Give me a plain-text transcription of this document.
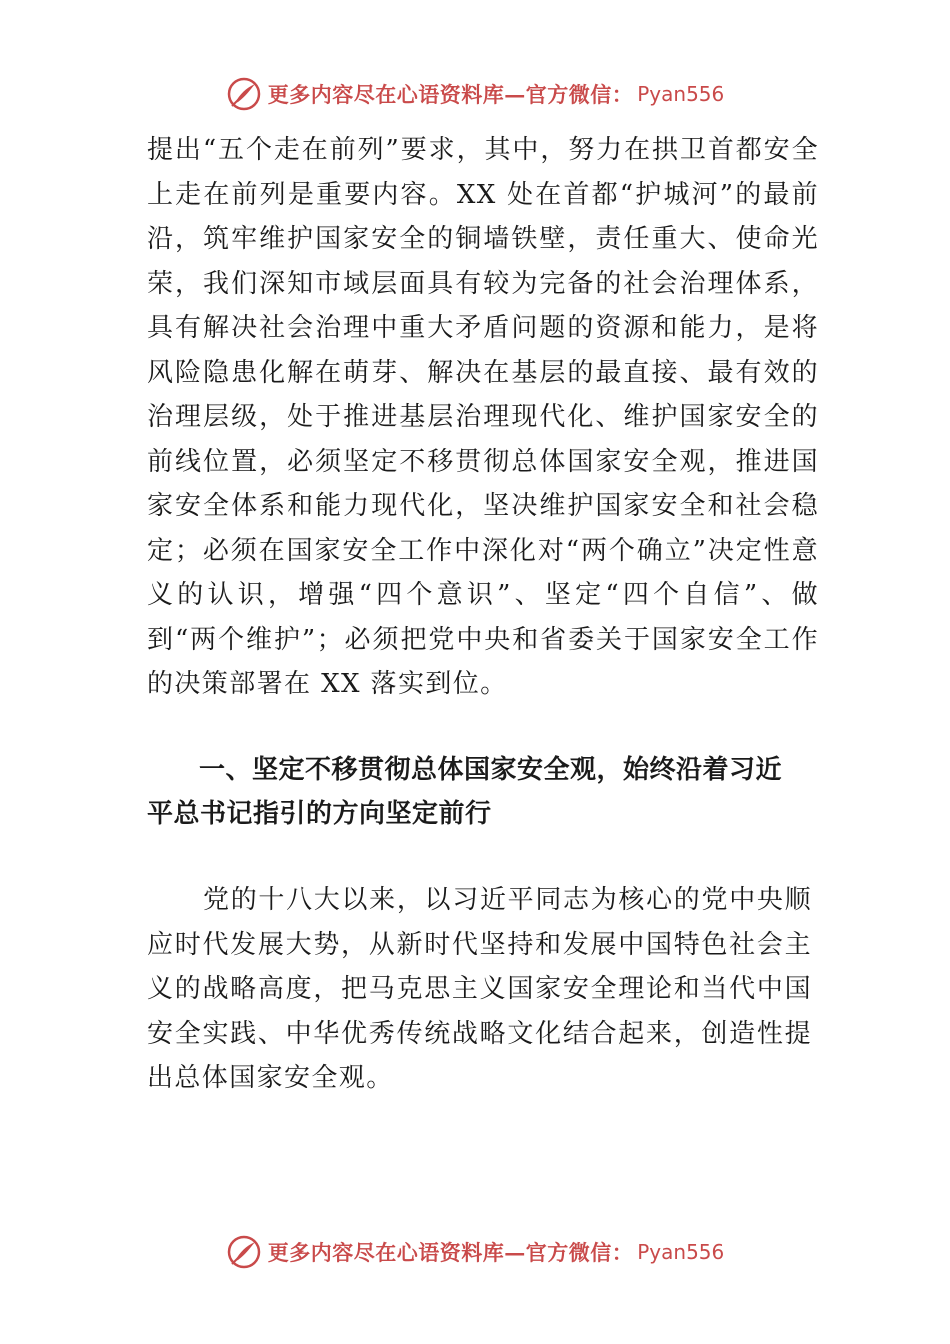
更多内容尽在心语资料库—官方微信： Pyan556

提出“五个走在前列”要求，其中，努力在拱卫首都安全上走在前列是重要内容。XX 处在首都“护城河”的最前沿，筑牢维护国家安全的铜墙铁壁，责任重大、使命光荣，我们深知市域层面具有较为完备的社会治理体系，具有解决社会治理中重大矛盾问题的资源和能力，是将风险隐患化解在萌芽、解决在基层的最直接、最有效的治理层级，处于推进基层治理现代化、维护国家安全的前线位置，必须坚定不移贯彻总体国家安全观，推进国家安全体系和能力现代化，坚决维护国家安全和社会稳定；必须在国家安全工作中深化对“两个确立”决定性意义的认识，增强“四个意识”、坚定“四个自信”、做到“两个维护”；必须把党中央和省委关于国家安全工作的决策部署在 XX 落实到位。

一、坚定不移贯彻总体国家安全观，始终沿着习近平总书记指引的方向坚定前行

党的十八大以来，以习近平同志为核心的党中央顺应时代发展大势，从新时代坚持和发展中国特色社会主义的战略高度，把马克思主义国家安全理论和当代中国安全实践、中华优秀传统战略文化结合起来，创造性提出总体国家安全观。

更多内容尽在心语资料库—官方微信： Pyan556
